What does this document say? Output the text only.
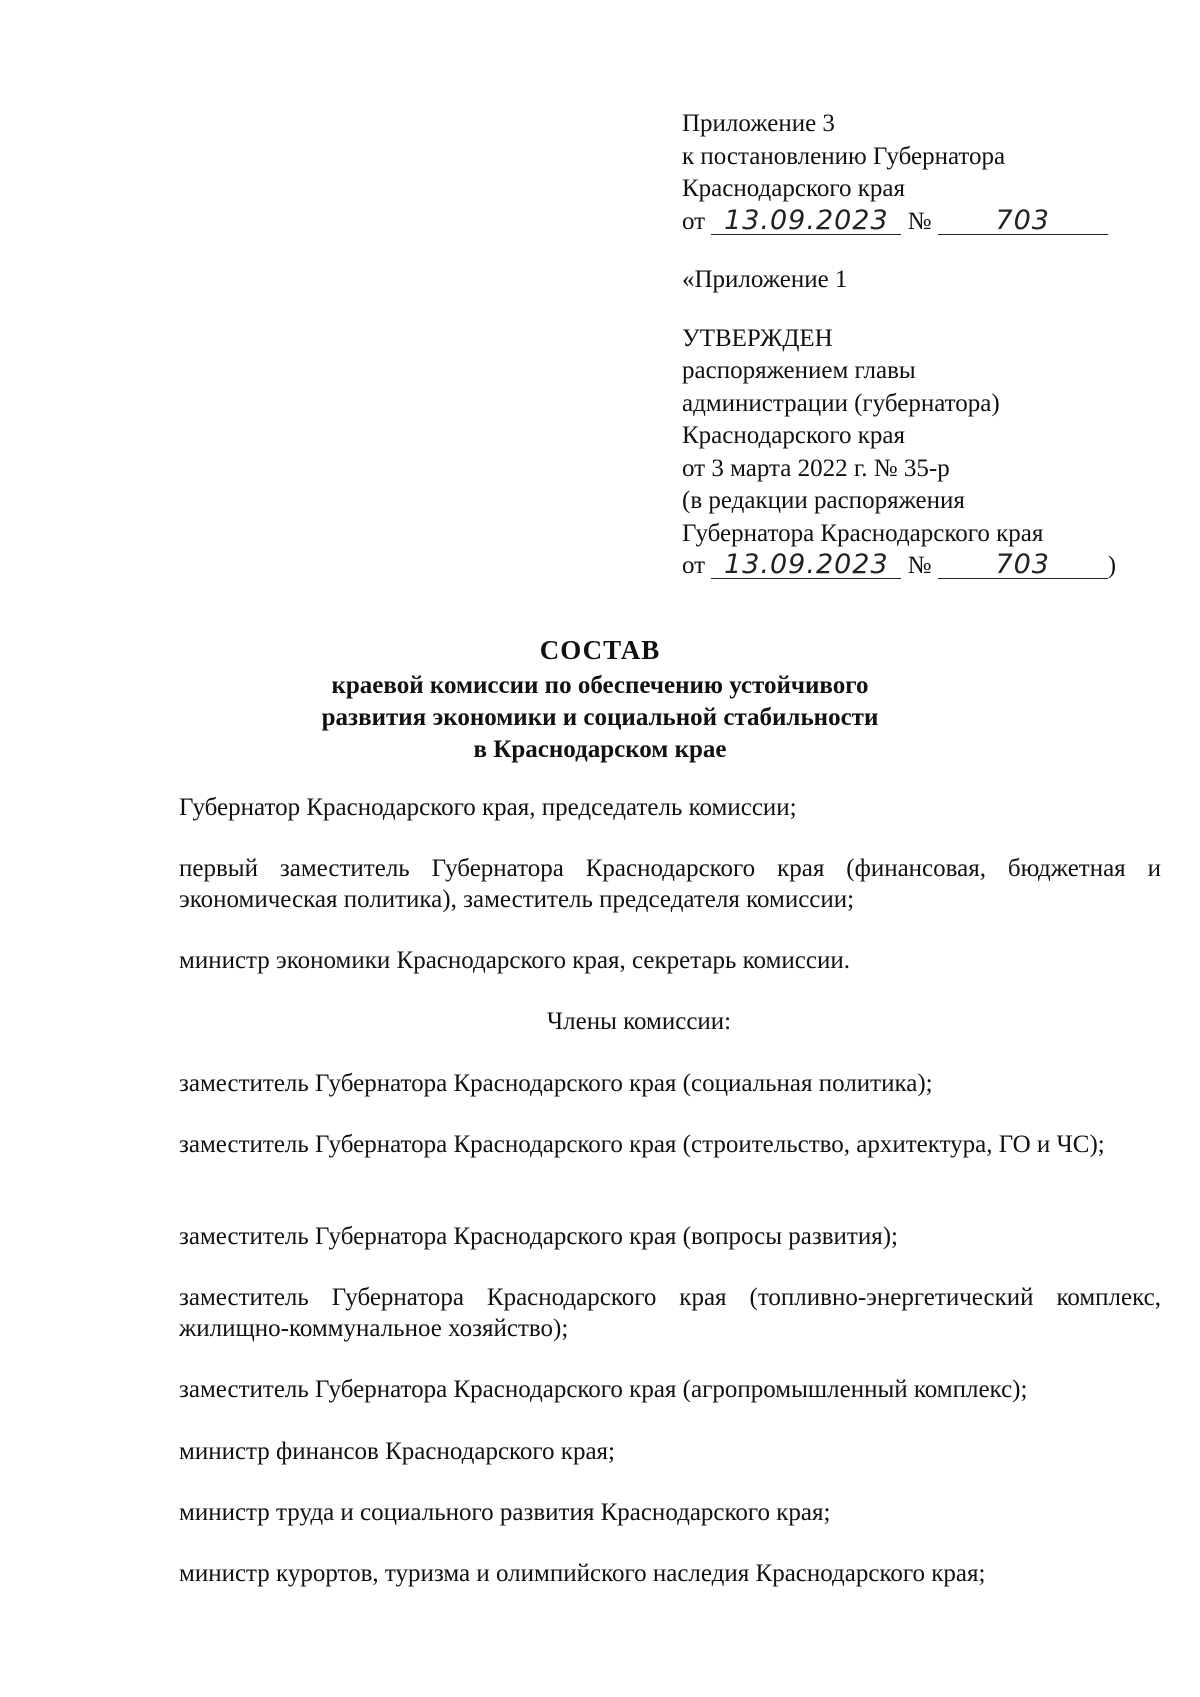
Приложение 3
к постановлению Губернатора
Краснодарского края
от 13.09.2023 № 703
«Приложение 1
УТВЕРЖДЕН
распоряжением главы
администрации (губернатора)
Краснодарского края
от 3 марта 2022 г. № 35-р
(в редакции распоряжения
Губернатора Краснодарского края
от 13.09.2023 № 703 )
СОСТАВ
краевой комиссии по обеспечению устойчивого
развития экономики и социальной стабильности
в Краснодарском крае
Губернатор Краснодарского края, председатель комиссии;
первый заместитель Губернатора Краснодарского края (финансовая, бюджетная и экономическая политика), заместитель председателя комиссии;
министр экономики Краснодарского края, секретарь комиссии.
Члены комиссии:
заместитель Губернатора Краснодарского края (социальная политика);
заместитель Губернатора Краснодарского края (строительство, архитектура, ГО и ЧС);
заместитель Губернатора Краснодарского края (вопросы развития);
заместитель Губернатора Краснодарского края (топливно-энергетический комплекс, жилищно-коммунальное хозяйство);
заместитель Губернатора Краснодарского края (агропромышленный комплекс);
министр финансов Краснодарского края;
министр труда и социального развития Краснодарского края;
министр курортов, туризма и олимпийского наследия Краснодарского края;
